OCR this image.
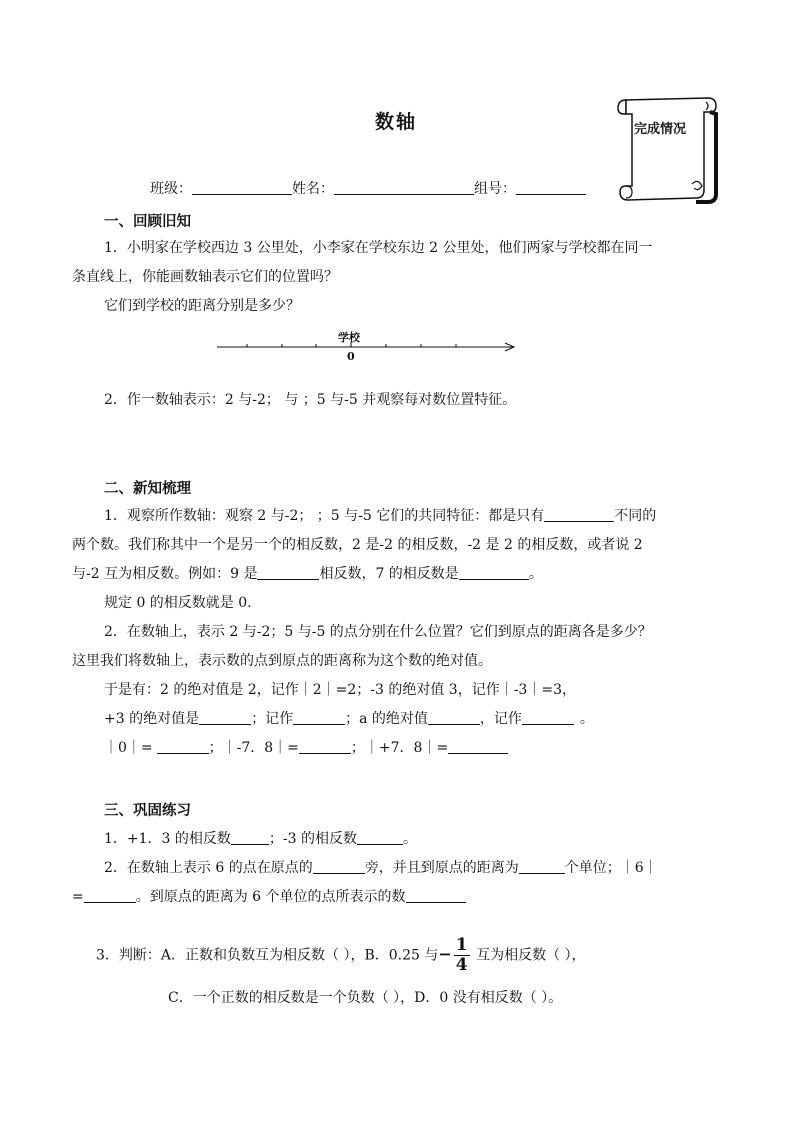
数轴	完成情况
班级：	姓名：	组号：
一、回顾旧知
1．小明家在学校西边 3 公里处，小李家在学校东边 2 公里处，他们两家与学校都在同一
条直线上，你能画数轴表示它们的位置吗？
它们到学校的距离分别是多少？
学校
0
2．作一数轴表示：2 与-2； 与 ；5 与-5 并观察每对数位置特征。
二、新知梳理
1．观察所作数轴：观察 2 与-2； ；5 与-5 它们的共同特征：都是只有	不同的
两个数。我们称其中一个是另一个的相反数，2 是-2 的相反数，-2 是 2 的相反数，或者说 2
与-2 互为相反数。例如：9 是	相反数，7 的相反数是	。
规定 0 的相反数就是 0.
2．在数轴上，表示 2 与-2；5 与-5 的点分别在什么位置？它们到原点的距离各是多少？
这里我们将数轴上，表示数的点到原点的距离称为这个数的绝对值。
于是有：2 的绝对值是 2，记作｜2｜=2；-3 的绝对值 3，记作｜-3｜=3，
+3 的绝对值是	；记作	；a 的绝对值	，记作	。
｜0｜=	；｜-7．8｜=	；｜+7．8｜=
三、巩固练习
1．+1．3 的相反数	；-3 的相反数	。
2．在数轴上表示 6 的点在原点的	旁，并且到原点的距离为	个单位；｜6｜
=	。到原点的距离为 6 个单位的点所表示的数
3．判断：A．正数和负数互为相反数（ ），B．0.25 与− $\frac{1}{4}$ 互为相反数（ ），
C．一个正数的相反数是一个负数（ ），D．0 没有相反数（ ）。
